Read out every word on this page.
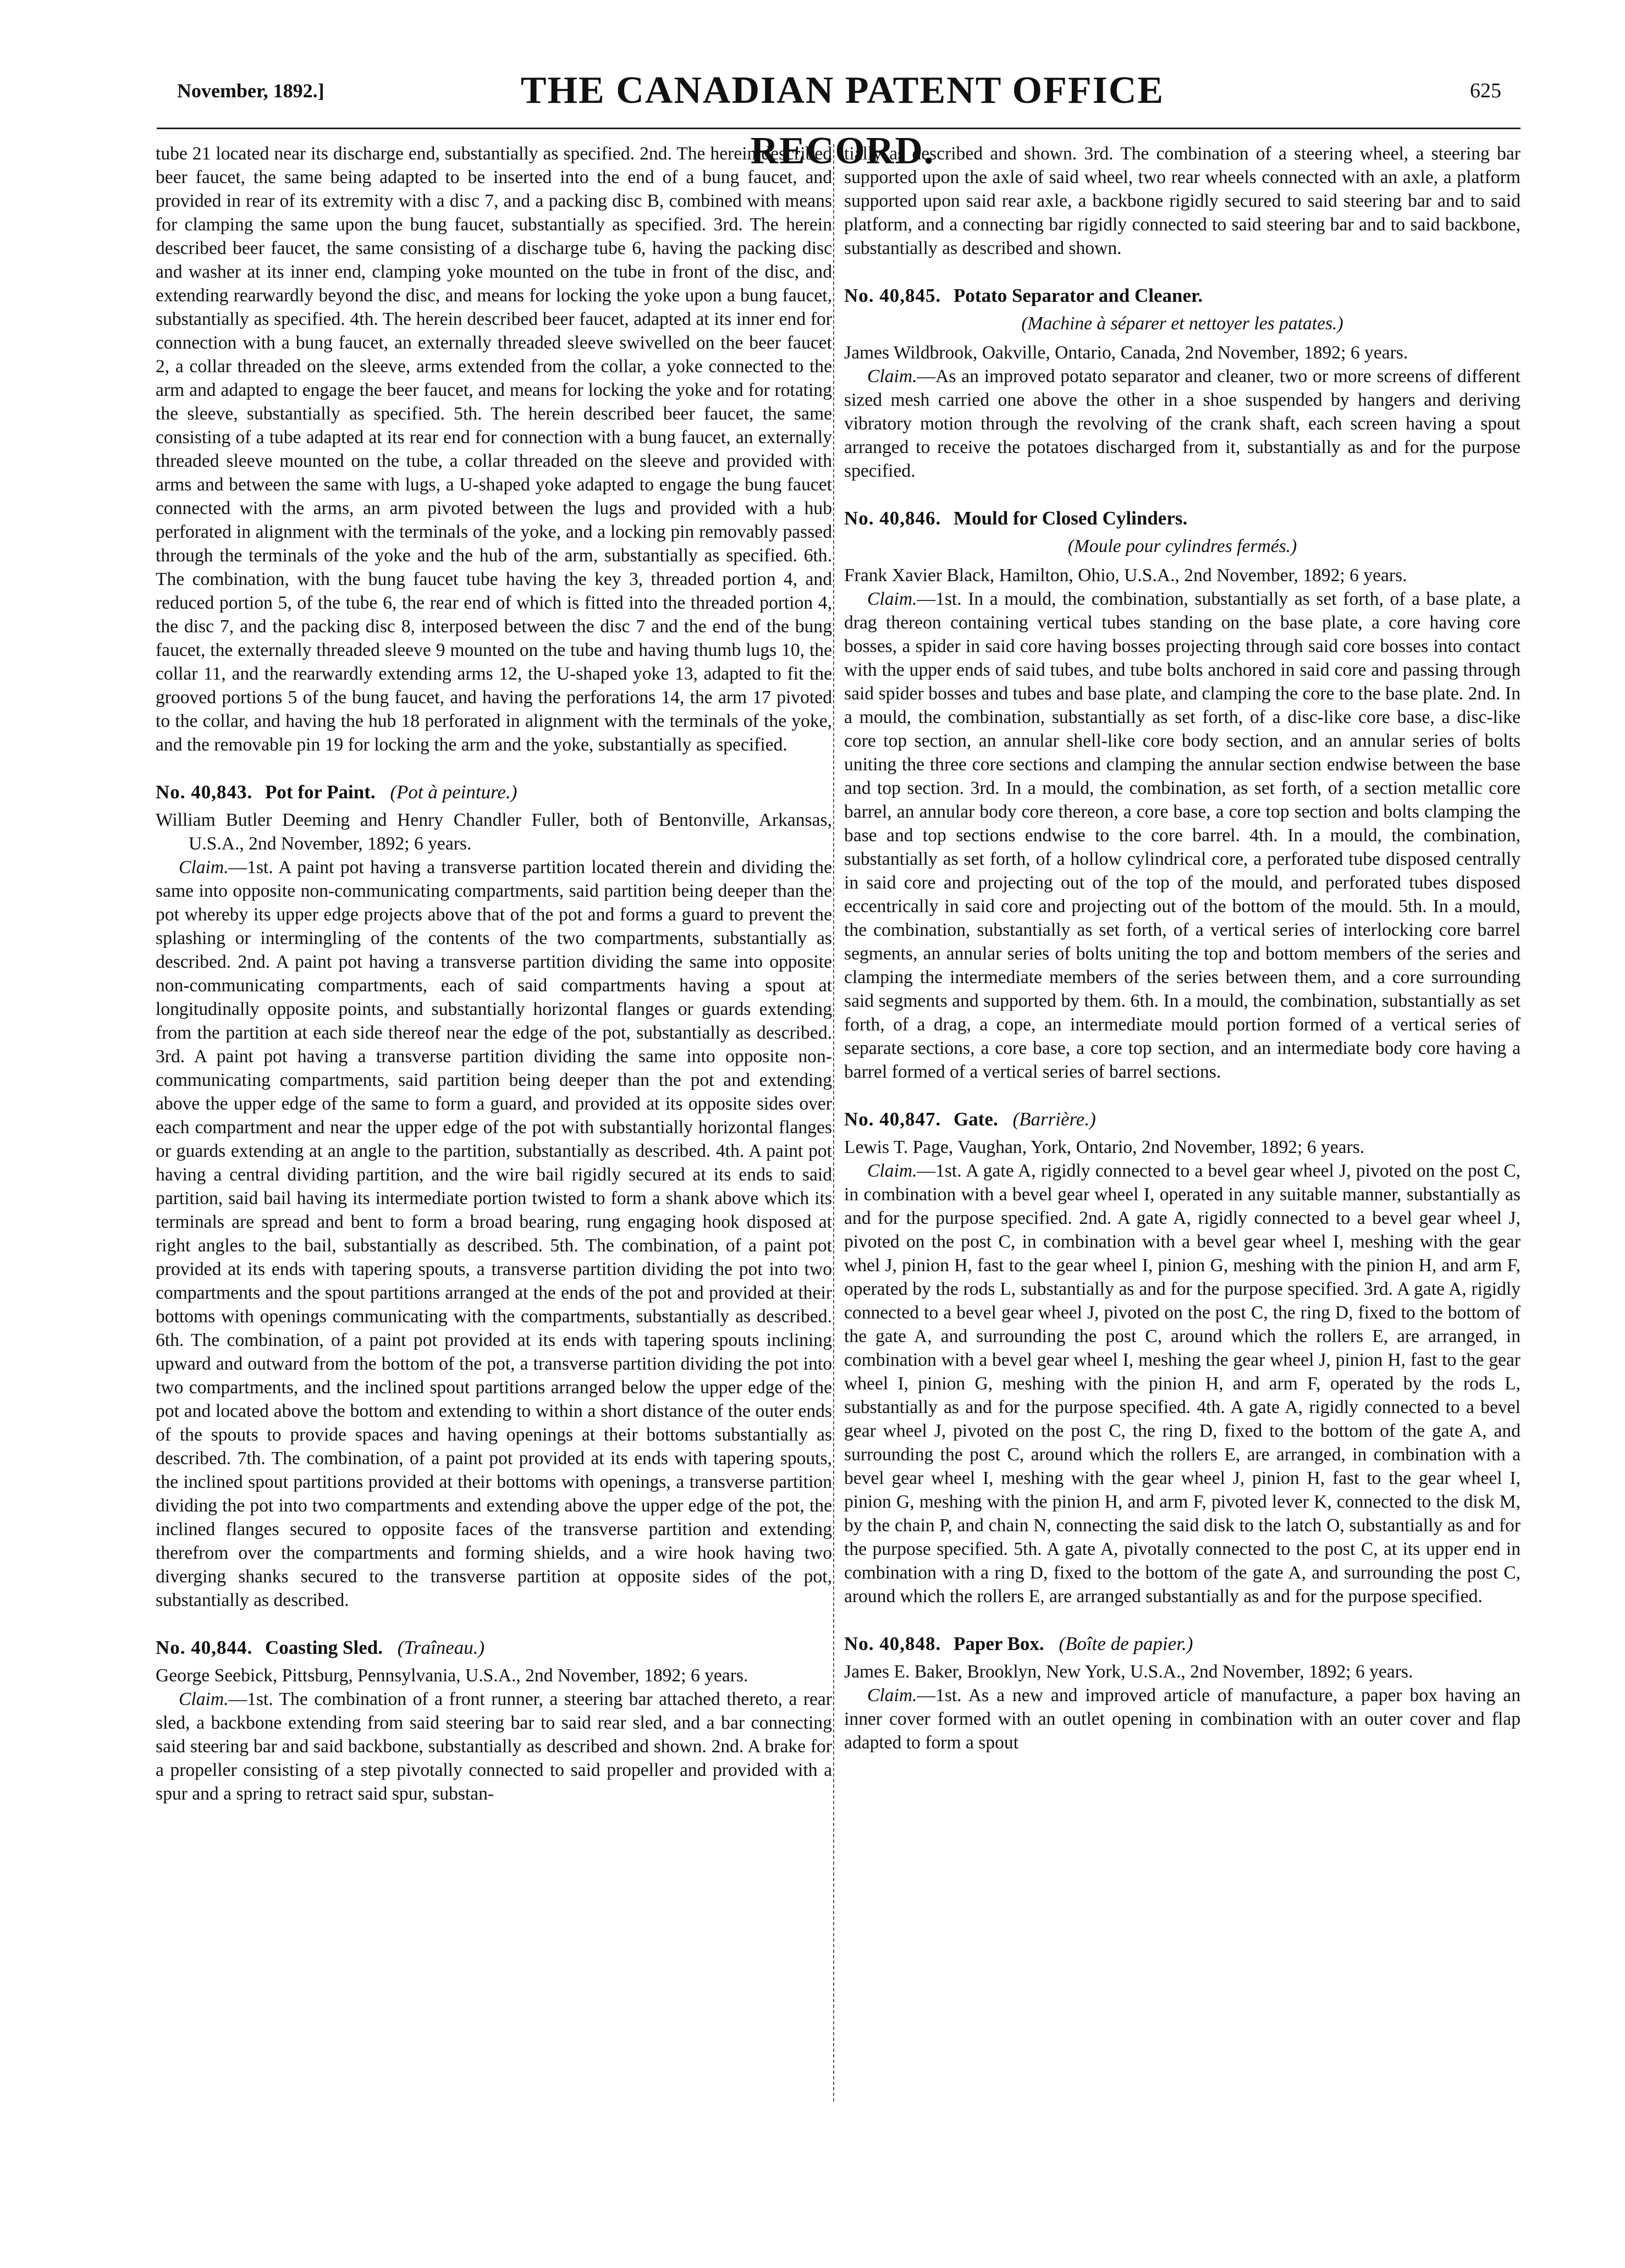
November, 1892.]	THE CANADIAN PATENT OFFICE RECORD.
625

tube 21 located near its discharge end, substantially as specified. 2nd. The herein described beer faucet, the same being adapted to be inserted into the end of a bung faucet, and provided in rear of its extremity with a disc 7, and a packing disc B, combined with means for clamping the same upon the bung faucet, substantially as specified. 3rd. The herein described beer faucet, the same consisting of a discharge tube 6, having the packing disc and washer at its inner end, clamping yoke mounted on the tube in front of the disc, and extending rearwardly beyond the disc, and means for locking the yoke upon a bung faucet, substantially as specified. 4th. The herein described beer faucet, adapted at its inner end for connection with a bung faucet, an externally threaded sleeve swivelled on the beer faucet 2, a collar threaded on the sleeve, arms extended from the collar, a yoke connected to the arm and adapted to engage the beer faucet, and means for locking the yoke and for rotating the sleeve, substantially as specified. 5th. The herein described beer faucet, the same consisting of a tube adapted at its rear end for connection with a bung faucet, an externally threaded sleeve mounted on the tube, a collar threaded on the sleeve and provided with arms and between the same with lugs, a U-shaped yoke adapted to engage the bung faucet connected with the arms, an arm pivoted between the lugs and provided with a hub perforated in alignment with the terminals of the yoke, and a locking pin removably passed through the terminals of the yoke and the hub of the arm, substantially as specified. 6th. The combination, with the bung faucet tube having the key 3, threaded portion 4, and reduced portion 5, of the tube 6, the rear end of which is fitted into the threaded portion 4, the disc 7, and the packing disc 8, interposed between the disc 7 and the end of the bung faucet, the externally threaded sleeve 9 mounted on the tube and having thumb lugs 10, the collar 11, and the rearwardly extending arms 12, the U-shaped yoke 13, adapted to fit the grooved portions 5 of the bung faucet, and having the perforations 14, the arm 17 pivoted to the collar, and having the hub 18 perforated in alignment with the terminals of the yoke, and the removable pin 19 for locking the arm and the yoke, substantially as specified.

No. 40,843. Pot for Paint. (Pot à peinture.)

William Butler Deeming and Henry Chandler Fuller, both of Bentonville, Arkansas, U.S.A., 2nd November, 1892; 6 years.

Claim.—1st. A paint pot having a transverse partition located therein and dividing the same into opposite non-communicating compartments, said partition being deeper than the pot whereby its upper edge projects above that of the pot and forms a guard to prevent the splashing or intermingling of the contents of the two compartments, substantially as described. 2nd. A paint pot having a transverse partition dividing the same into opposite non-communicating compartments, each of said compartments having a spout at longitudinally opposite points, and substantially horizontal flanges or guards extending from the partition at each side thereof near the edge of the pot, substantially as described. 3rd. A paint pot having a transverse partition dividing the same into opposite non-communicating compartments, said partition being deeper than the pot and extending above the upper edge of the same to form a guard, and provided at its opposite sides over each compartment and near the upper edge of the pot with substantially horizontal flanges or guards extending at an angle to the partition, substantially as described. 4th. A paint pot having a central dividing partition, and the wire bail rigidly secured at its ends to said partition, said bail having its intermediate portion twisted to form a shank above which its terminals are spread and bent to form a broad bearing, rung engaging hook disposed at right angles to the bail, substantially as described. 5th. The combination, of a paint pot provided at its ends with tapering spouts, a transverse partition dividing the pot into two compartments and the spout partitions arranged at the ends of the pot and provided at their bottoms with openings communicating with the compartments, substantially as described. 6th. The combination, of a paint pot provided at its ends with tapering spouts inclining upward and outward from the bottom of the pot, a transverse partition dividing the pot into two compartments, and the inclined spout partitions arranged below the upper edge of the pot and located above the bottom and extending to within a short distance of the outer ends of the spouts to provide spaces and having openings at their bottoms substantially as described. 7th. The combination, of a paint pot provided at its ends with tapering spouts, the inclined spout partitions provided at their bottoms with openings, a transverse partition dividing the pot into two compartments and extending above the upper edge of the pot, the inclined flanges secured to opposite faces of the transverse partition and extending therefrom over the compartments and forming shields, and a wire hook having two diverging shanks secured to the transverse partition at opposite sides of the pot, substantially as described.

No. 40,844. Coasting Sled. (Traîneau.)

George Seebick, Pittsburg, Pennsylvania, U.S.A., 2nd November, 1892; 6 years.

Claim.—1st. The combination of a front runner, a steering bar attached thereto, a rear sled, a backbone extending from said steering bar to said rear sled, and a bar connecting said steering bar and said backbone, substantially as described and shown. 2nd. A brake for a propeller consisting of a step pivotally connected to said propeller and provided with a spur and a spring to retract said spur, substan-

tially as described and shown. 3rd. The combination of a steering wheel, a steering bar supported upon the axle of said wheel, two rear wheels connected with an axle, a platform supported upon said rear axle, a backbone rigidly secured to said steering bar and to said platform, and a connecting bar rigidly connected to said steering bar and to said backbone, substantially as described and shown.

No. 40,845. Potato Separator and Cleaner.

(Machine à séparer et nettoyer les patates.)

James Wildbrook, Oakville, Ontario, Canada, 2nd November, 1892; 6 years.

Claim.—As an improved potato separator and cleaner, two or more screens of different sized mesh carried one above the other in a shoe suspended by hangers and deriving vibratory motion through the revolving of the crank shaft, each screen having a spout arranged to receive the potatoes discharged from it, substantially as and for the purpose specified.

No. 40,846. Mould for Closed Cylinders.

(Moule pour cylindres fermés.)

Frank Xavier Black, Hamilton, Ohio, U.S.A., 2nd November, 1892; 6 years.

Claim.—1st. In a mould, the combination, substantially as set forth, of a base plate, a drag thereon containing vertical tubes standing on the base plate, a core having core bosses, a spider in said core having bosses projecting through said core bosses into contact with the upper ends of said tubes, and tube bolts anchored in said core and passing through said spider bosses and tubes and base plate, and clamping the core to the base plate. 2nd. In a mould, the combination, substantially as set forth, of a disc-like core base, a disc-like core top section, an annular shell-like core body section, and an annular series of bolts uniting the three core sections and clamping the annular section endwise between the base and top section. 3rd. In a mould, the combination, as set forth, of a section metallic core barrel, an annular body core thereon, a core base, a core top section and bolts clamping the base and top sections endwise to the core barrel. 4th. In a mould, the combination, substantially as set forth, of a hollow cylindrical core, a perforated tube disposed centrally in said core and projecting out of the top of the mould, and perforated tubes disposed eccentrically in said core and projecting out of the bottom of the mould. 5th. In a mould, the combination, substantially as set forth, of a vertical series of interlocking core barrel segments, an annular series of bolts uniting the top and bottom members of the series and clamping the intermediate members of the series between them, and a core surrounding said segments and supported by them. 6th. In a mould, the combination, substantially as set forth, of a drag, a cope, an intermediate mould portion formed of a vertical series of separate sections, a core base, a core top section, and an intermediate body core having a barrel formed of a vertical series of barrel sections.

No. 40,847. Gate. (Barrière.)

Lewis T. Page, Vaughan, York, Ontario, 2nd November, 1892; 6 years.

Claim.—1st. A gate A, rigidly connected to a bevel gear wheel J, pivoted on the post C, in combination with a bevel gear wheel I, operated in any suitable manner, substantially as and for the purpose specified. 2nd. A gate A, rigidly connected to a bevel gear wheel J, pivoted on the post C, in combination with a bevel gear wheel I, meshing with the gear whel J, pinion H, fast to the gear wheel I, pinion G, meshing with the pinion H, and arm F, operated by the rods L, substantially as and for the purpose specified. 3rd. A gate A, rigidly connected to a bevel gear wheel J, pivoted on the post C, the ring D, fixed to the bottom of the gate A, and surrounding the post C, around which the rollers E, are arranged, in combination with a bevel gear wheel I, meshing the gear wheel J, pinion H, fast to the gear wheel I, pinion G, meshing with the pinion H, and arm F, operated by the rods L, substantially as and for the purpose specified. 4th. A gate A, rigidly connected to a bevel gear wheel J, pivoted on the post C, the ring D, fixed to the bottom of the gate A, and surrounding the post C, around which the rollers E, are arranged, in combination with a bevel gear wheel I, meshing with the gear wheel J, pinion H, fast to the gear wheel I, pinion G, meshing with the pinion H, and arm F, pivoted lever K, connected to the disk M, by the chain P, and chain N, connecting the said disk to the latch O, substantially as and for the purpose specified. 5th. A gate A, pivotally connected to the post C, at its upper end in combination with a ring D, fixed to the bottom of the gate A, and surrounding the post C, around which the rollers E, are arranged substantially as and for the purpose specified.

No. 40,848. Paper Box. (Boîte de papier.)

James E. Baker, Brooklyn, New York, U.S.A., 2nd November, 1892; 6 years.

Claim.—1st. As a new and improved article of manufacture, a paper box having an inner cover formed with an outlet opening in combination with an outer cover and flap adapted to form a spout
